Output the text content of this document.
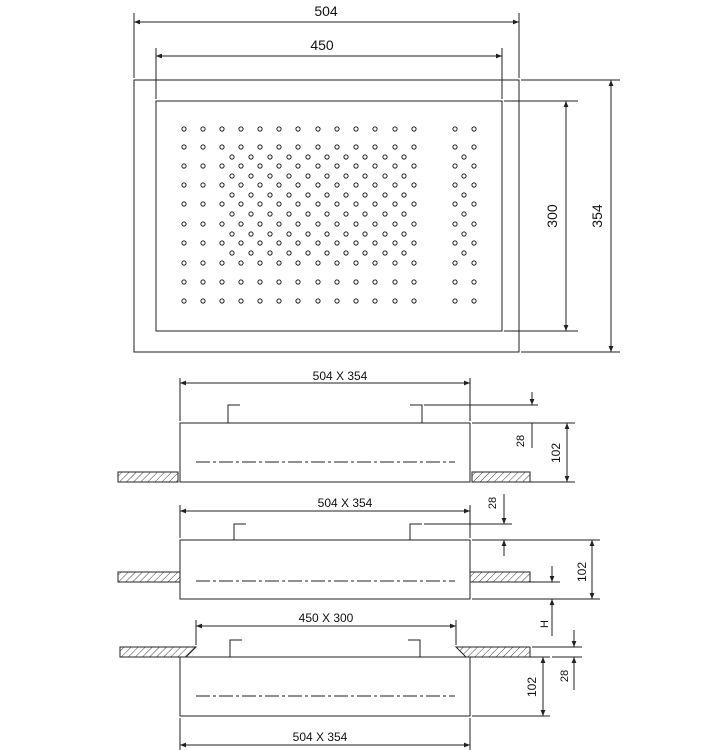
504
450
300 354
504 X 354
28
102
504 X 354	28
102
H
450 X 300
504 X 354
102
28
